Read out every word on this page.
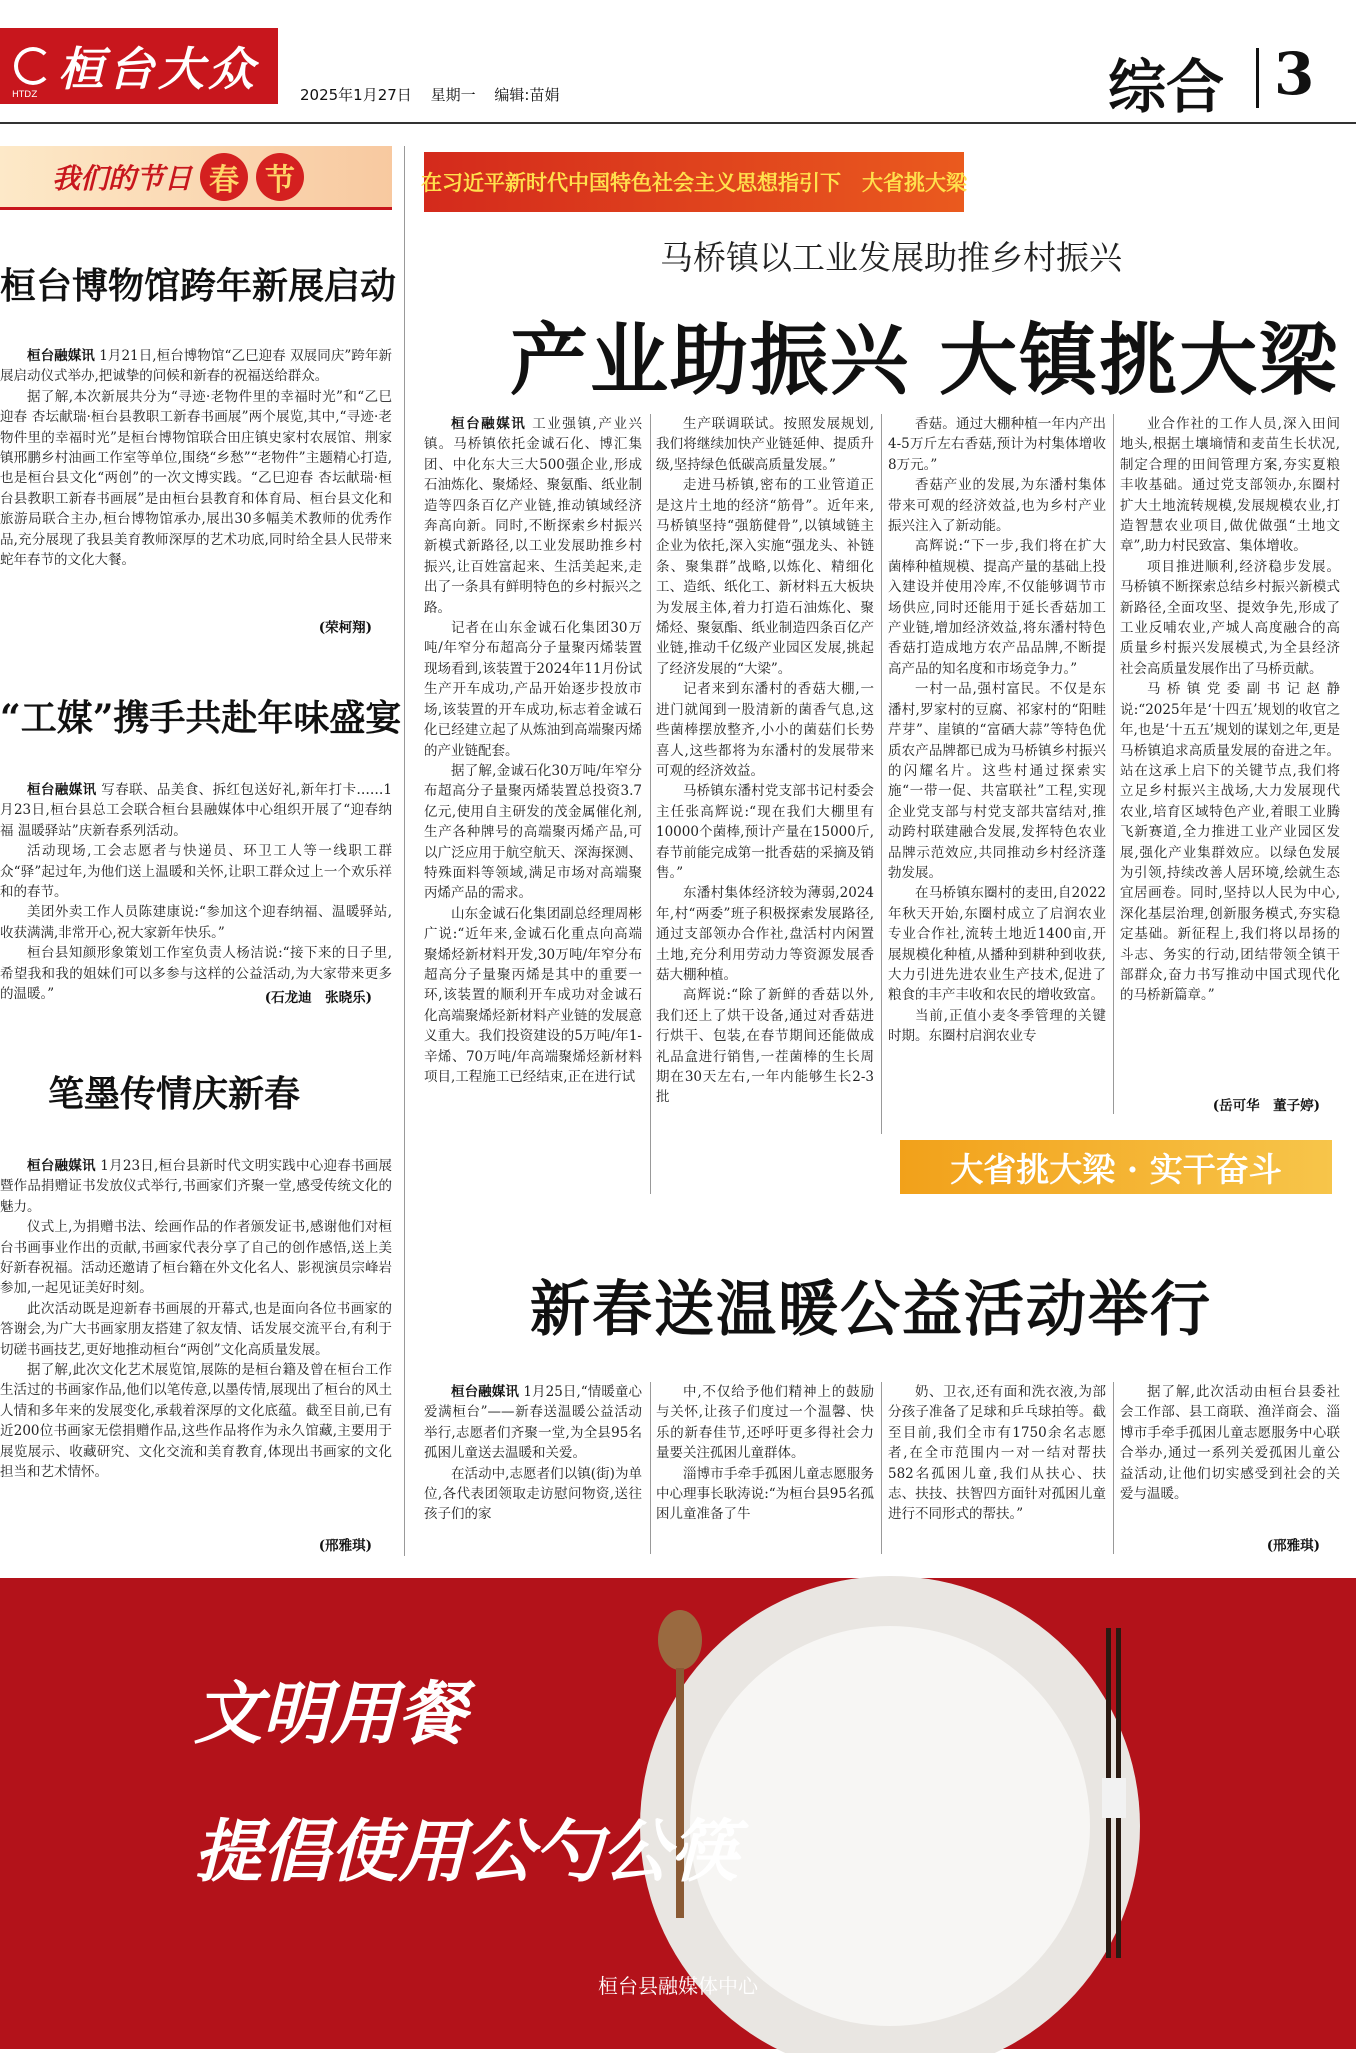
桓台大众
HTDZ	2025年1月27日 星期一 编辑:苗娟	综合 3
我们的节日 春 节	在习近平新时代中国特色社会主义思想指引下　大省挑大梁
马桥镇以工业发展助推乡村振兴
产业助振兴 大镇挑大梁

桓台融媒讯 工业强镇,产业兴镇。马桥镇依托金诚石化、博汇集团、中化东大三大500强企业,形成石油炼化、聚烯烃、聚氨酯、纸业制造等四条百亿产业链,推动镇域经济奔高向新。同时,不断探索乡村振兴新模式新路径,以工业发展助推乡村振兴,让百姓富起来、生活美起来,走出了一条具有鲜明特色的乡村振兴之路。

记者在山东金诚石化集团30万吨/年窄分布超高分子量聚丙烯装置现场看到,该装置于2024年11月份试生产开车成功,产品开始逐步投放市场,该装置的开车成功,标志着金诚石化已经建立起了从炼油到高端聚丙烯的产业链配套。

据了解,金诚石化30万吨/年窄分布超高分子量聚丙烯装置总投资3.7亿元,使用自主研发的茂金属催化剂,生产各种牌号的高端聚丙烯产品,可以广泛应用于航空航天、深海探测、特殊面料等领域,满足市场对高端聚丙烯产品的需求。

山东金诚石化集团副总经理周彬广说:“近年来,金诚石化重点向高端聚烯烃新材料开发,30万吨/年窄分布超高分子量聚丙烯是其中的重要一环,该装置的顺利开车成功对金诚石化高端聚烯烃新材料产业链的发展意义重大。我们投资建设的5万吨/年1-辛烯、70万吨/年高端聚烯烃新材料项目,工程施工已经结束,正在进行试

生产联调联试。按照发展规划,我们将继续加快产业链延伸、提质升级,坚持绿色低碳高质量发展。”

走进马桥镇,密布的工业管道正是这片土地的经济“筋骨”。近年来,马桥镇坚持“强筋健骨”,以镇域链主企业为依托,深入实施“强龙头、补链条、聚集群”战略,以炼化、精细化工、造纸、纸化工、新材料五大板块为发展主体,着力打造石油炼化、聚烯烃、聚氨酯、纸业制造四条百亿产业链,推动千亿级产业园区发展,挑起了经济发展的“大梁”。

记者来到东潘村的香菇大棚,一进门就闻到一股清新的菌香气息,这些菌棒摆放整齐,小小的菌菇们长势喜人,这些都将为东潘村的发展带来可观的经济效益。

马桥镇东潘村党支部书记村委会主任张高辉说:“现在我们大棚里有10000个菌棒,预计产量在15000斤,春节前能完成第一批香菇的采摘及销售。”

东潘村集体经济较为薄弱,2024年,村“两委”班子积极探索发展路径,通过支部领办合作社,盘活村内闲置土地,充分利用劳动力等资源发展香菇大棚种植。

高辉说:“除了新鲜的香菇以外,我们还上了烘干设备,通过对香菇进行烘干、包装,在春节期间还能做成礼品盒进行销售,一茬菌棒的生长周期在30天左右,一年内能够生长2-3批

香菇。通过大棚种植一年内产出4-5万斤左右香菇,预计为村集体增收8万元。”

香菇产业的发展,为东潘村集体带来可观的经济效益,也为乡村产业振兴注入了新动能。

高辉说:“下一步,我们将在扩大菌棒种植规模、提高产量的基础上投入建设并使用冷库,不仅能够调节市场供应,同时还能用于延长香菇加工产业链,增加经济效益,将东潘村特色香菇打造成地方农产品品牌,不断提高产品的知名度和市场竞争力。”

一村一品,强村富民。不仅是东潘村,罗家村的豆腐、祁家村的“阳畦芹芽”、崖镇的“富硒大蒜”等特色优质农产品牌都已成为马桥镇乡村振兴的闪耀名片。这些村通过探索实施“一带一促、共富联社”工程,实现企业党支部与村党支部共富结对,推动跨村联建融合发展,发挥特色农业品牌示范效应,共同推动乡村经济蓬勃发展。

在马桥镇东圈村的麦田,自2022年秋天开始,东圈村成立了启润农业专业合作社,流转土地近1400亩,开展规模化种植,从播种到耕种到收获,大力引进先进农业生产技术,促进了粮食的丰产丰收和农民的增收致富。

当前,正值小麦冬季管理的关键时期。东圈村启润农业专

业合作社的工作人员,深入田间地头,根据土壤墒情和麦苗生长状况,制定合理的田间管理方案,夯实夏粮丰收基础。通过党支部领办,东圈村扩大土地流转规模,发展规模农业,打造智慧农业项目,做优做强“土地文章”,助力村民致富、集体增收。

项目推进顺利,经济稳步发展。马桥镇不断探索总结乡村振兴新模式新路径,全面攻坚、提效争先,形成了工业反哺农业,产城人高度融合的高质量乡村振兴发展模式,为全县经济社会高质量发展作出了马桥贡献。

马桥镇党委副书记赵静说:“2025年是‘十四五’规划的收官之年,也是‘十五五’规划的谋划之年,更是马桥镇追求高质量发展的奋进之年。站在这承上启下的关键节点,我们将立足乡村振兴主战场,大力发展现代农业,培育区域特色产业,着眼工业腾飞新赛道,全力推进工业产业园区发展,强化产业集群效应。以绿色发展为引领,持续改善人居环境,绘就生态宜居画卷。同时,坚持以人民为中心,深化基层治理,创新服务模式,夯实稳定基础。新征程上,我们将以昂扬的斗志、务实的行动,团结带领全镇干部群众,奋力书写推动中国式现代化的马桥新篇章。”

(岳可华　董子婷)
大省挑大梁 · 实干奋斗
新春送温暖公益活动举行

桓台融媒讯 1月25日,“情暖童心 爱满桓台”——新春送温暖公益活动举行,志愿者们齐聚一堂,为全县95名孤困儿童送去温暖和关爱。

在活动中,志愿者们以镇(街)为单位,各代表团领取走访慰问物资,送往孩子们的家

中,不仅给予他们精神上的鼓励与关怀,让孩子们度过一个温馨、快乐的新春佳节,还呼吁更多得社会力量要关注孤困儿童群体。

淄博市手牵手孤困儿童志愿服务中心理事长耿涛说:“为桓台县95名孤困儿童准备了牛

奶、卫衣,还有面和洗衣液,为部分孩子准备了足球和乒乓球拍等。截至目前,我们全市有1750余名志愿者,在全市范围内一对一结对帮扶582名孤困儿童,我们从扶心、扶志、扶技、扶智四方面针对孤困儿童进行不同形式的帮扶。”

据了解,此次活动由桓台县委社会工作部、县工商联、渔洋商会、淄博市手牵手孤困儿童志愿服务中心联合举办,通过一系列关爱孤困儿童公益活动,让他们切实感受到社会的关爱与温暖。

(邢雅琪)
桓台博物馆跨年新展启动

桓台融媒讯 1月21日,桓台博物馆“乙巳迎春 双展同庆”跨年新展启动仪式举办,把诚挚的问候和新春的祝福送给群众。

据了解,本次新展共分为“寻迹·老物件里的幸福时光”和“乙巳迎春 杏坛献瑞·桓台县教职工新春书画展”两个展览,其中,“寻迹·老物件里的幸福时光”是桓台博物馆联合田庄镇史家村农展馆、荆家镇邢鹏乡村油画工作室等单位,围绕“乡愁”“老物件”主题精心打造,也是桓台县文化“两创”的一次文博实践。“乙巳迎春 杏坛献瑞·桓台县教职工新春书画展”是由桓台县教育和体育局、桓台县文化和旅游局联合主办,桓台博物馆承办,展出30多幅美术教师的优秀作品,充分展现了我县美育教师深厚的艺术功底,同时给全县人民带来蛇年春节的文化大餐。

(荣柯翔)
“工媒”携手共赴年味盛宴

桓台融媒讯 写春联、品美食、拆红包送好礼,新年打卡……1月23日,桓台县总工会联合桓台县融媒体中心组织开展了“迎春纳福 温暖驿站”庆新春系列活动。

活动现场,工会志愿者与快递员、环卫工人等一线职工群众“驿”起过年,为他们送上温暖和关怀,让职工群众过上一个欢乐祥和的春节。

美团外卖工作人员陈建康说:“参加这个迎春纳福、温暖驿站,收获满满,非常开心,祝大家新年快乐。”

桓台县知颜形象策划工作室负责人杨洁说:“接下来的日子里,希望我和我的姐妹们可以多参与这样的公益活动,为大家带来更多的温暖。”	(石龙迪　张晓乐)
笔墨传情庆新春

桓台融媒讯 1月23日,桓台县新时代文明实践中心迎春书画展暨作品捐赠证书发放仪式举行,书画家们齐聚一堂,感受传统文化的魅力。

仪式上,为捐赠书法、绘画作品的作者颁发证书,感谢他们对桓台书画事业作出的贡献,书画家代表分享了自己的创作感悟,送上美好新春祝福。活动还邀请了桓台籍在外文化名人、影视演员宗峰岩参加,一起见证美好时刻。

此次活动既是迎新春书画展的开幕式,也是面向各位书画家的答谢会,为广大书画家朋友搭建了叙友情、话发展交流平台,有利于切磋书画技艺,更好地推动桓台“两创”文化高质量发展。

据了解,此次文化艺术展览馆,展陈的是桓台籍及曾在桓台工作生活过的书画家作品,他们以笔传意,以墨传情,展现出了桓台的风土人情和多年来的发展变化,承载着深厚的文化底蕴。截至目前,已有近200位书画家无偿捐赠作品,这些作品将作为永久馆藏,主要用于展览展示、收藏研究、文化交流和美育教育,体现出书画家的文化担当和艺术情怀。

(邢雅琪)
文明用餐
提倡使用公勺公筷
桓台县融媒体中心
